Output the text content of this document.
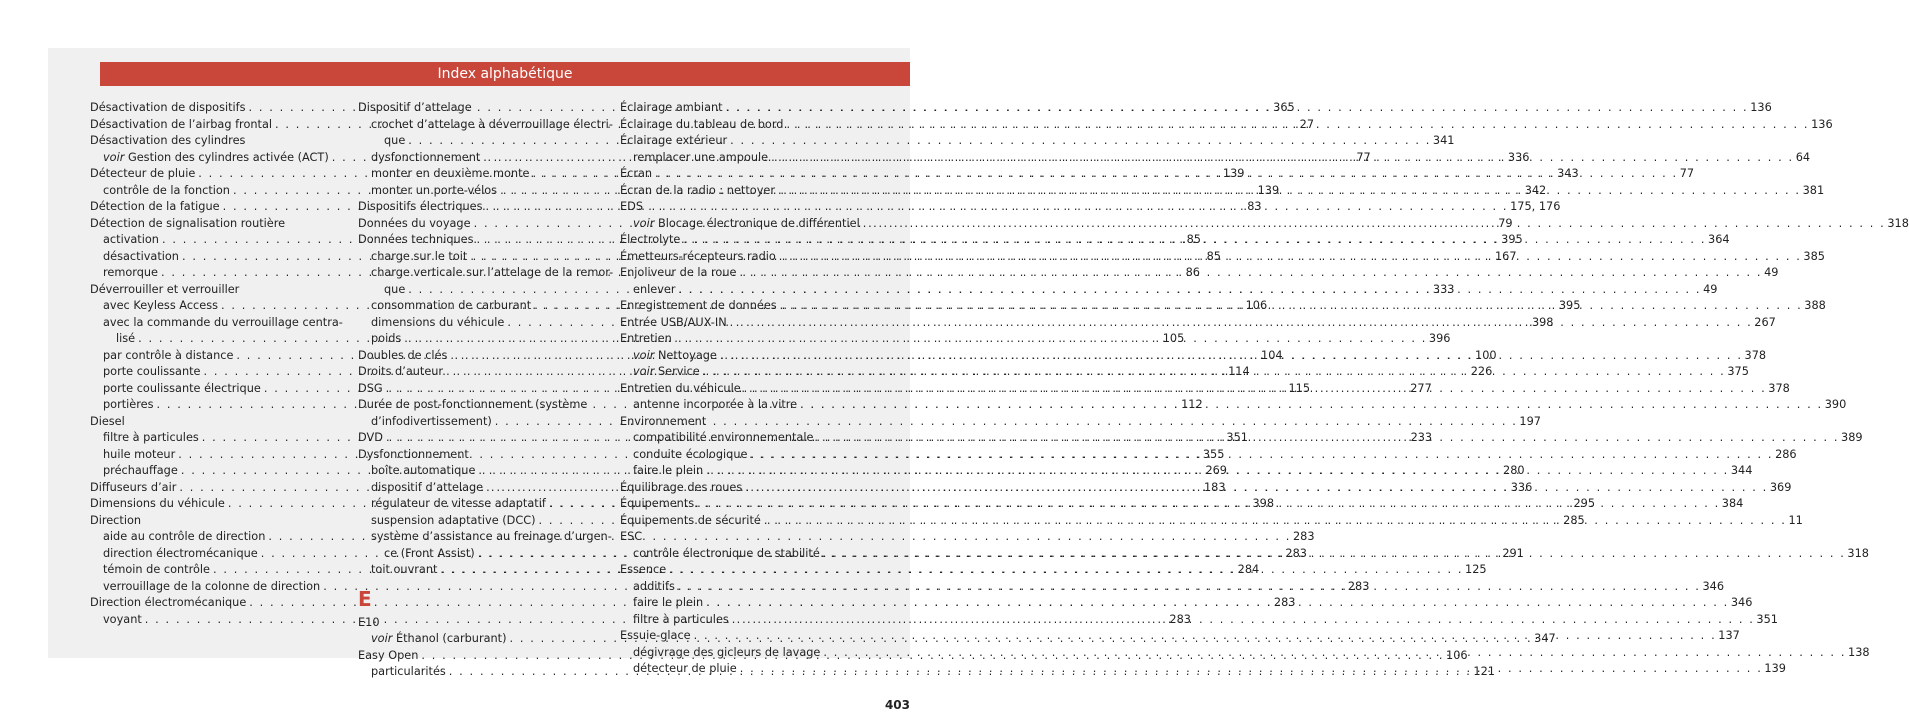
Index alphabétique
Désactivation de dispositifs . . .	365
Désactivation de l’airbag frontal . . .	27
Désactivation des cylindres
voir Gestion des cylindres activée (ACT) . . .	77
Détecteur de pluie . . .	139
contrôle de la fonction . . .	139
Détection de la fatigue . . .	83
Détection de signalisation routière
activation . . .	85
désactivation . . .	85
remorque . . .	86
Déverrouiller et verrouiller
avec Keyless Access . . .	106
avec la commande du verrouillage centra-
lisé . . .	105
par contrôle à distance . . .	104
porte coulissante . . .	114
porte coulissante électrique . . .	115
portières . . .	112
Diesel
filtre à particules . . .	351
huile moteur . . .	355
préchauffage . . .	269
Diffuseurs d’air . . .	183
Dimensions du véhicule . . .	398
Direction
aide au contrôle de direction . . .	283
direction électromécanique . . .	283
témoin de contrôle . . .	284
verrouillage de la colonne de direction . . .	283
Direction électromécanique . . .	283
voyant . . .	283
Dispositif d’attelage
crochet d’attelage à déverrouillage électri-
que . . .	341
dysfonctionnement . . .	336
monter en deuxième monte . . .	343
monter un porte-vélos . . .	342
Dispositifs électriques . . .	175, 176
Données du voyage . . .	79
Données techniques . . .	395
charge sur le toit . . .	167
charge verticale sur l’attelage de la remor-
que . . .	333
consommation de carburant . . .	395
dimensions du véhicule . . .	398
poids . . .	396
Doubles de clés . . .	100
Droits d’auteur . . .	226
DSG . . .	277
Durée de post-fonctionnement (système
d’infodivertissement) . . .	197
DVD . . .	233
Dysfonctionnement
boîte automatique . . .	280
dispositif d’attelage . . .	336
régulateur de vitesse adaptatif . . .	295
suspension adaptative (DCC) . . .	285
système d’assistance au freinage d’urgen-
ce (Front Assist) . . .	291
toit ouvrant . . .	125
E
E10
voir Éthanol (carburant) . . .	347
Easy Open . . .	106
particularités . . .	121
Éclairage ambiant . . .	136
Éclairage du tableau de bord . . .	136
Éclairage extérieur
remplacer une ampoule . . .	64
Écran . . .	77
Écran de la radio : nettoyer . . .	381
EDS
voir Blocage électronique de différentiel . . .	318
Électrolyte . . .	364
Émetteurs-récepteurs radio . . .	385
Enjoliveur de la roue . . .	49
enlever . . .	49
Enregistrement de données . . .	388
Entrée USB/AUX-IN . . .	267
Entretien
voir Nettoyage . . .	378
voir Service . . .	375
Entretien du véhicule . . .	378
antenne incorporée à la vitre . . .	390
Environnement
compatibilité environnementale . . .	389
conduite écologique . . .	286
faire le plein . . .	344
Équilibrage des roues . . .	369
Équipements . . .	384
Équipements de sécurité . . .	11
ESC
contrôle électronique de stabilité . . .	318
Essence
additifs . . .	346
faire le plein . . .	346
filtre à particules . . .	351
Essuie-glace . . .	137
dégivrage des gicleurs de lavage . . .	138
détecteur de pluie . . .	139
403
